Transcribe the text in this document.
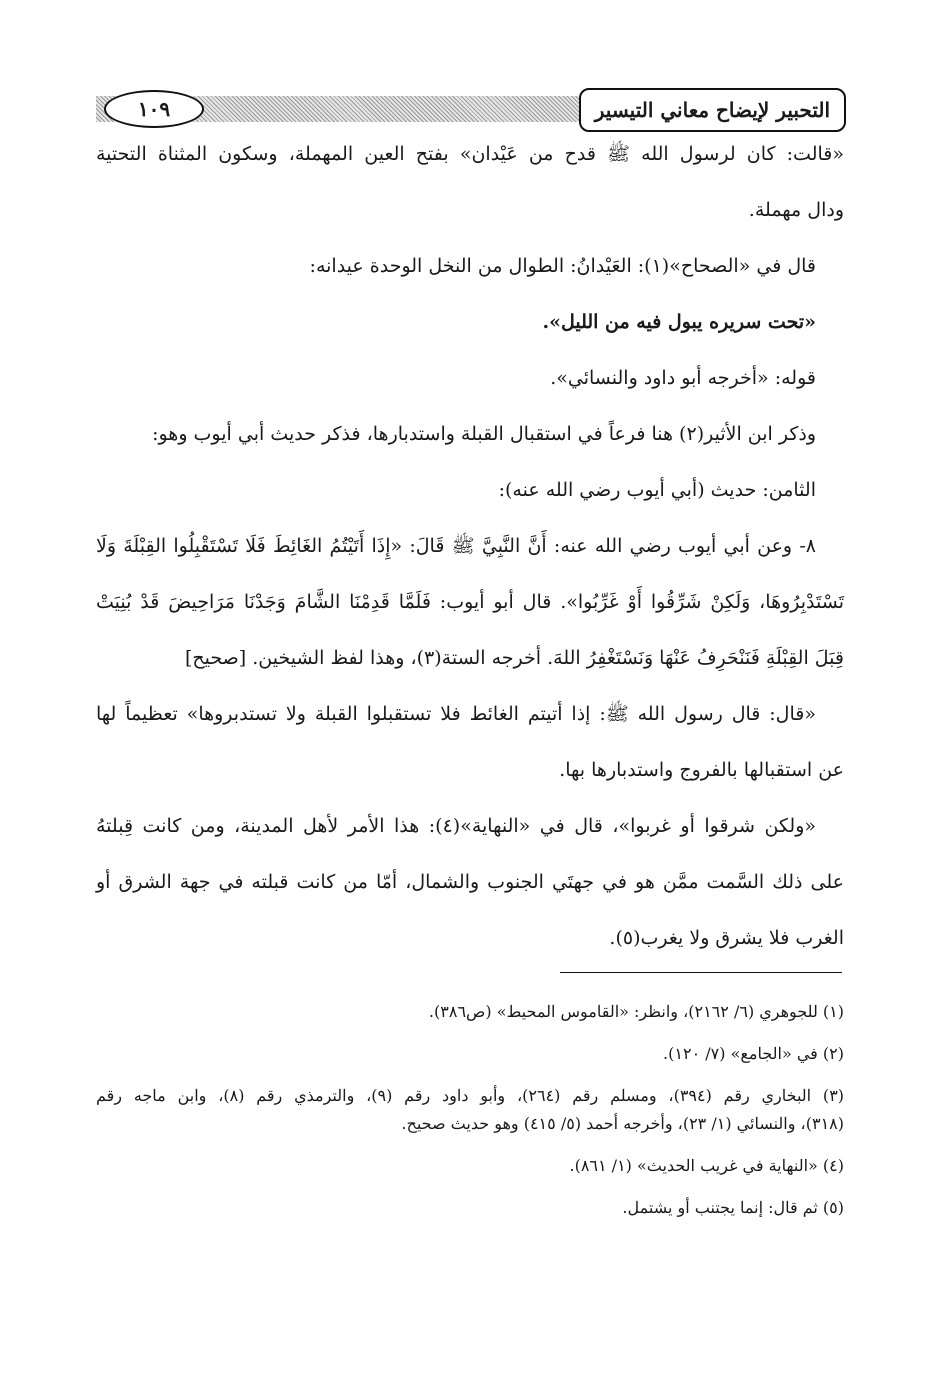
التحبير لإيضاح معاني التيسير
١٠٩

«قالت: كان لرسول الله ﷺ قدح من عَيْدان» بفتح العين المهملة، وسكون المثناة التحتية

ودال مهملة.

قال في «الصحاح»(١): العَيْدانُ: الطوال من النخل الوحدة عيدانه:

«تحت سريره يبول فيه من الليل».

قوله: «أخرجه أبو داود والنسائي».

وذكر ابن الأثير(٢) هنا فرعاً في استقبال القبلة واستدبارها، فذكر حديث أبي أيوب وهو:

الثامن: حديث (أبي أيوب رضي الله عنه):

٨- وعن أبي أيوب رضي الله عنه: أَنَّ النَّبِيَّ ﷺ قَالَ: «إِذَا أَتَيْتُمُ الغَائِطَ فَلَا تَسْتَقْبِلُوا القِبْلَةَ وَلَا

تَسْتَدْبِرُوهَا، وَلَكِنْ شَرِّقُوا أَوْ غَرِّبُوا». قال أبو أيوب: فَلَمَّا قَدِمْنَا الشَّامَ وَجَدْنَا مَرَاحِيضَ قَدْ بُنِيَتْ

قِبَلَ القِبْلَةِ فَنَنْحَرِفُ عَنْهَا وَنَسْتَغْفِرُ اللهَ. أخرجه الستة(٣)، وهذا لفظ الشيخين. [صحيح]

«قال: قال رسول الله ﷺ: إذا أتيتم الغائط فلا تستقبلوا القبلة ولا تستدبروها» تعظيماً لها

عن استقبالها بالفروج واستدبارها بها.

«ولكن شرقوا أو غربوا»، قال في «النهاية»(٤): هذا الأمر لأهل المدينة، ومن كانت قِبلتهُ

على ذلك السَّمت ممَّن هو في جهتَي الجنوب والشمال، أمّا من كانت قبلته في جهة الشرق أو

الغرب فلا يشرق ولا يغرب(٥).

(١) للجوهري (٦/ ٢١٦٢)، وانظر: «القاموس المحيط» (ص٣٨٦).

(٢) في «الجامع» (٧/ ١٢٠).

(٣) البخاري رقم (٣٩٤)، ومسلم رقم (٢٦٤)، وأبو داود رقم (٩)، والترمذي رقم (٨)، وابن ماجه رقم

(٣١٨)، والنسائي (١/ ٢٣)، وأخرجه أحمد (٥/ ٤١٥) وهو حديث صحيح.

(٤) «النهاية في غريب الحديث» (١/ ٨٦١).

(٥) ثم قال: إنما يجتنب أو يشتمل.
